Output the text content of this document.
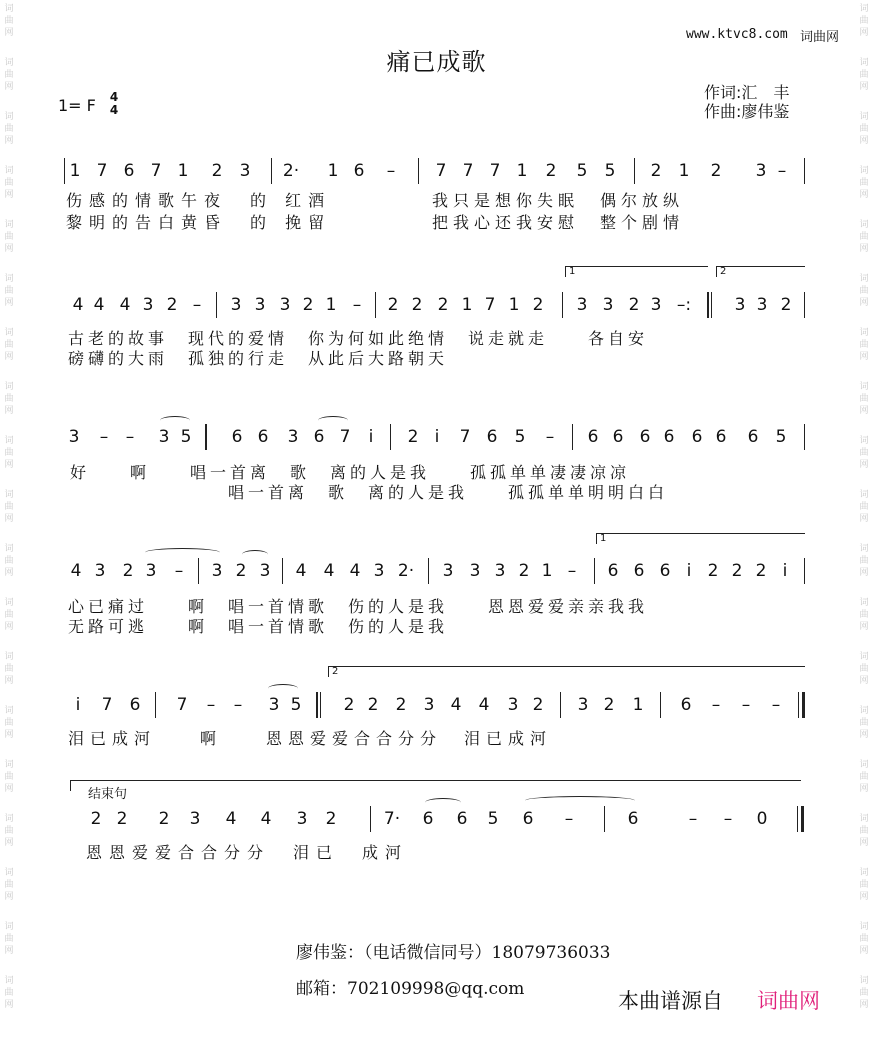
词
曲
网
词
曲
网
词
曲
网
词
曲
网
词
曲
网
词
曲
网
词
曲
网
词
曲
网
词
曲
网
词
曲
网
词
曲
网
词
曲
网
词
曲
网
词
曲
网
词
曲
网
词
曲
网
词
曲
网
词
曲
网
词
曲
网
词
曲
网
词
曲
网
词
曲
网
词
曲
网
词
曲
网
词
曲
网
词
曲
网
词
曲
网
词
曲
网
词
曲
网
词
曲
网
词
曲
网
词
曲
网
词
曲
网
词
曲
网
词
曲
网
词
曲
网
词
曲
网
词
曲
网
www.ktvc8.com 词曲网
痛已成歌
作词:汇　丰
作曲:廖伟鉴
1= F 4
4
1 7 6 7 1 2 3 2· 1 6 – 7 7 7 1 2 5 5 2 1 2 3 –
伤感的情歌午夜　的 红酒	我只是想你失眠　偶尔放纵
黎明的告白黄昏　的 挽留	把我心还我安慰　整个剧情
1	2
4 4 4 3 2 – 3 3 3 2 1 – 2 2 2 1 7 1 2 3 3 2 3 –:	3 3 2
古老的故事　现代的爱情　你为何如此绝情　说走就走　　各自安
磅礴的大雨　孤独的行走　从此后大路朝天
3 – – 3 5 6 6 3 6 7 i 2 i 7 6 5 – 6 6 6 6 6 6 6 5
好　　啊　　唱一首离　歌　离的人是我　　孤孤单单凄凄凉凉
唱一首离　歌　离的人是我　　孤孤单单明明白白
1
4 3 2 3 – 3 2 3 4 4 4 3 2· 3 3 3 2 1 – 6 6 6 i 2 2 2 i
心已痛过　　啊　唱一首情歌　伤的人是我　　恩恩爱爱亲亲我我
无路可逃　　啊　唱一首情歌　伤的人是我
2
i 7 6 7 – – 3 5 2 2 2 3 4 4 3 2 3 2 1 6 – – –
泪已成河　　啊　　恩恩爱爱合合分分　泪已成河
结束句
2 2 2 3 4 4 3 2	7· 6 6 5 6 –	6	– – 0
恩恩爱爱合合分分　泪已　成河
廖伟鉴：（电话微信同号）18079736033
邮箱：702109998@qq.com	本曲谱源自 词曲网
